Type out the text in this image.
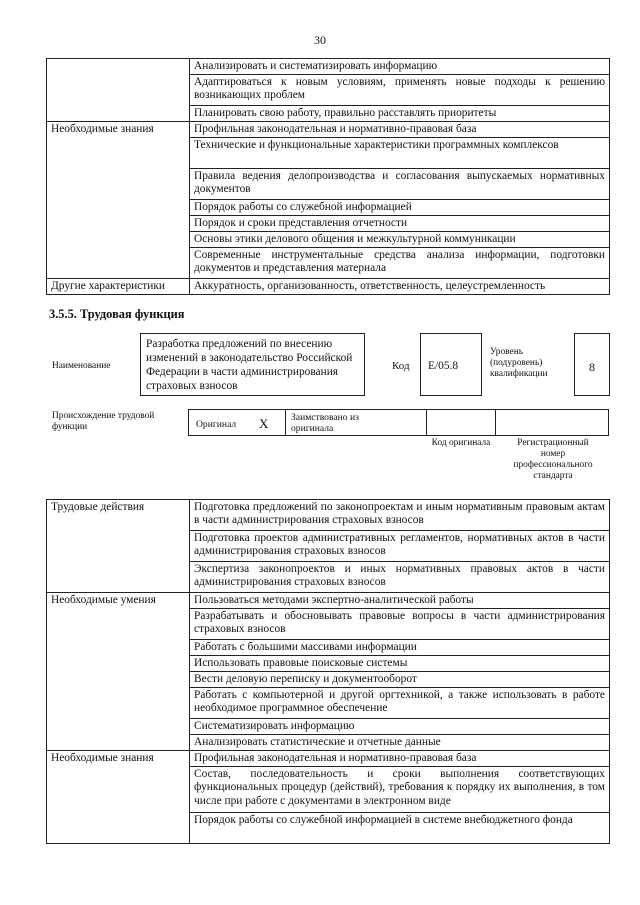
30
	Анализировать и систематизировать информацию
	Адаптироваться к новым условиям, применять новые подходы к решению возникающих проблем
	Планировать свою работу, правильно расставлять приоритеты
Необходимые знания	Профильная законодательная и нормативно-правовая база
	Технические и функциональные характеристики программных комплексов
	Правила ведения делопроизводства и согласования выпускаемых нормативных документов
	Порядок работы со служебной информацией
	Порядок и сроки представления отчетности
	Основы этики делового общения и межкультурной коммуникации
	Современные инструментальные средства анализа информации, подготовки документов и представления материала
Другие характеристики	Аккуратность, организованность, ответственность, целеустремленность
3.5.5. Трудовая функция
Наименование
Разработка предложений по внесению изменений в законодательство Российской Федерации в части администрирования страховых взносов
Код E/05.8
Уровень (подуровень) квалификации	8
Происхождение трудовой функции	Оригинал X Заимствовано из оригинала
Код оригинала	Регистрационный номер профессионального стандарта
Трудовые действия	Подготовка предложений по законопроектам и иным нормативным правовым актам в части администрирования страховых взносов
	Подготовка проектов административных регламентов, нормативных актов в части администрирования страховых взносов
	Экспертиза законопроектов и иных нормативных правовых актов в части администрирования страховых взносов
Необходимые умения	Пользоваться методами экспертно-аналитической работы
	Разрабатывать и обосновывать правовые вопросы в части администрирования страховых взносов
	Работать с большими массивами информации
	Использовать правовые поисковые системы
	Вести деловую переписку и документооборот
	Работать с компьютерной и другой оргтехникой, а также использовать в работе необходимое программное обеспечение
	Систематизировать информацию
	Анализировать статистические и отчетные данные
Необходимые знания	Профильная законодательная и нормативно-правовая база
	Состав, последовательность и сроки выполнения соответствующих функциональных процедур (действий), требования к порядку их выполнения, в том числе при работе с документами в электронном виде
	Порядок работы со служебной информацией в системе внебюджетного фонда
